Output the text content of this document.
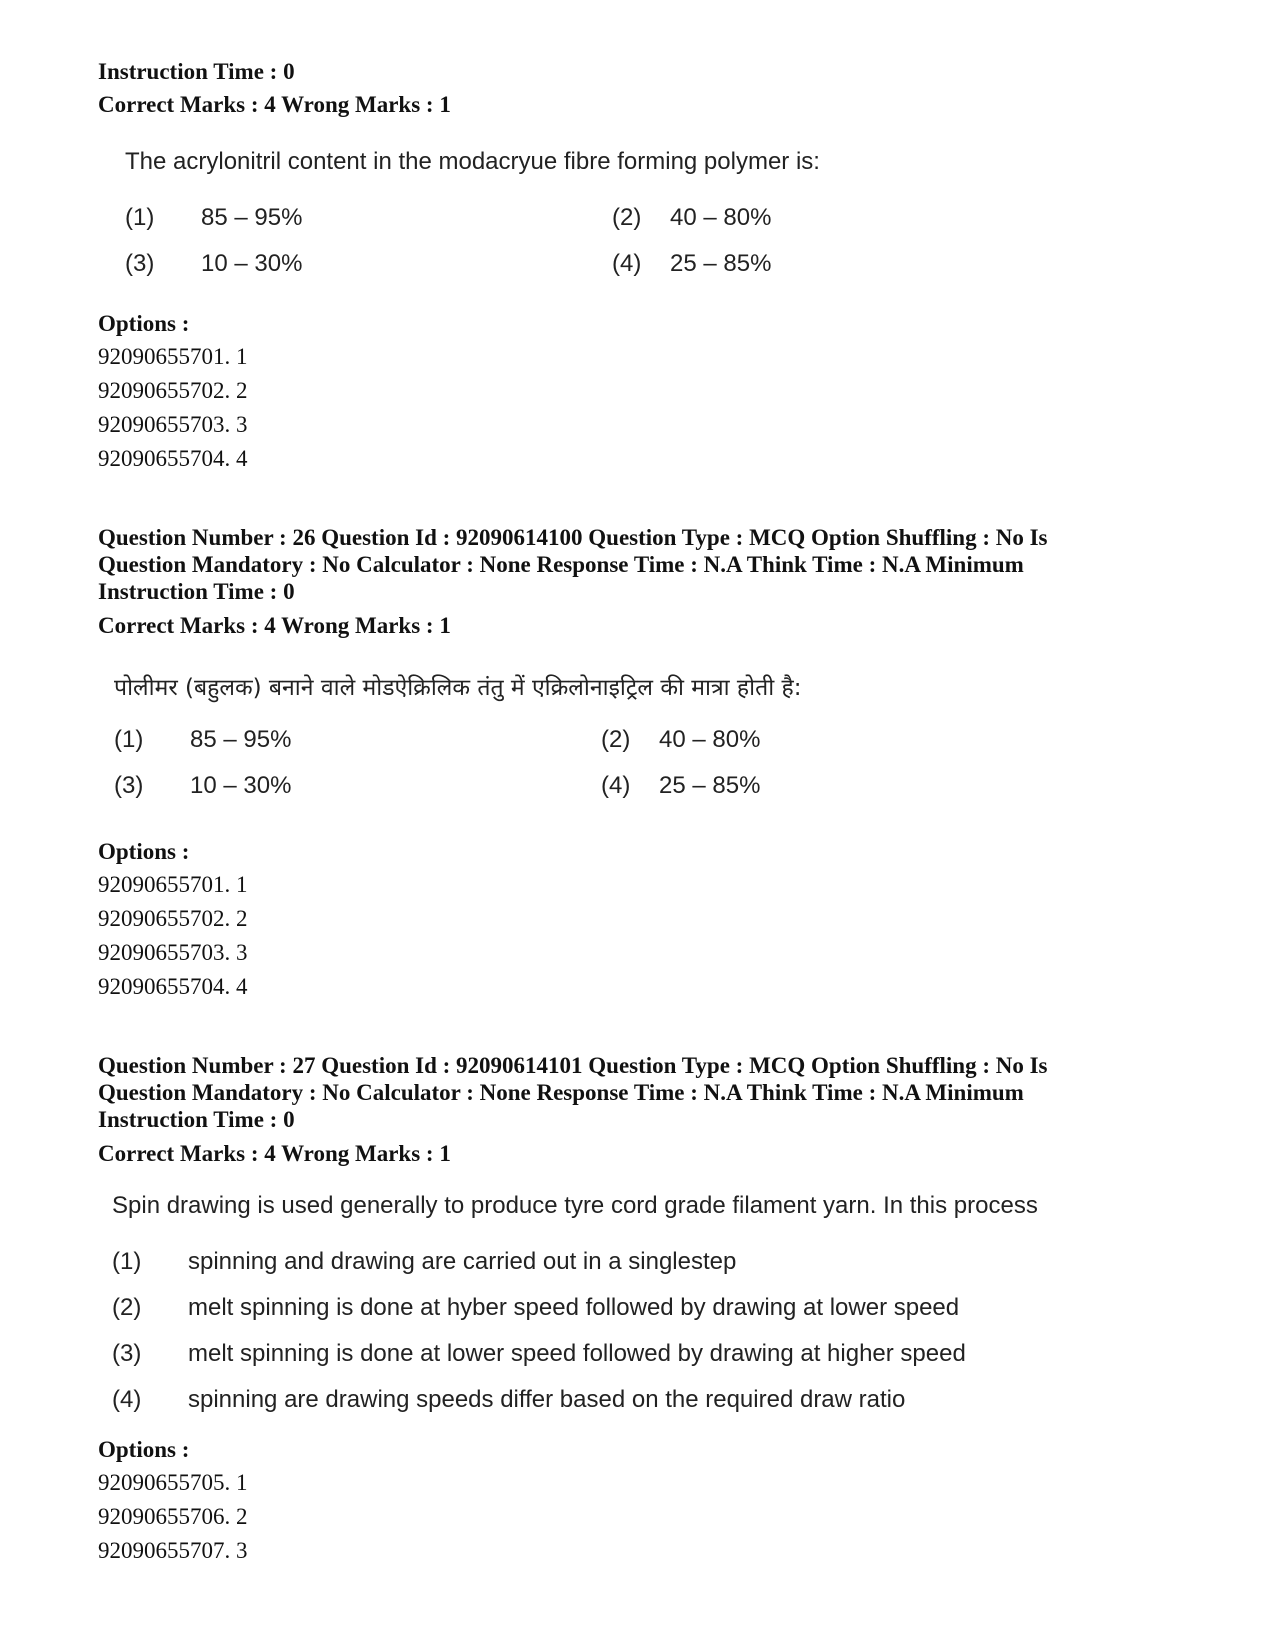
Instruction Time : 0
Correct Marks : 4 Wrong Marks : 1
The acrylonitril content in the modacryue fibre forming polymer is:
(1) 85 – 95%	(2) 40 – 80%
(3) 10 – 30%	(4) 25 – 85%
Options :
92090655701. 1
92090655702. 2
92090655703. 3
92090655704. 4
Question Number : 26 Question Id : 92090614100 Question Type : MCQ Option Shuffling : No Is
Question Mandatory : No Calculator : None Response Time : N.A Think Time : N.A Minimum
Instruction Time : 0
Correct Marks : 4 Wrong Marks : 1
पोलीमर (बहुलक) बनाने वाले मोडऐक्रिलिक तंतु में एक्रिलोनाइट्रिल की मात्रा होती है:
(1) 85 – 95%	(2) 40 – 80%
(3) 10 – 30%	(4) 25 – 85%
Options :
92090655701. 1
92090655702. 2
92090655703. 3
92090655704. 4
Question Number : 27 Question Id : 92090614101 Question Type : MCQ Option Shuffling : No Is
Question Mandatory : No Calculator : None Response Time : N.A Think Time : N.A Minimum
Instruction Time : 0
Correct Marks : 4 Wrong Marks : 1
Spin drawing is used generally to produce tyre cord grade filament yarn. In this process
(1) spinning and drawing are carried out in a singlestep
(2) melt spinning is done at hyber speed followed by drawing at lower speed
(3) melt spinning is done at lower speed followed by drawing at higher speed
(4) spinning are drawing speeds differ based on the required draw ratio
Options :
92090655705. 1
92090655706. 2
92090655707. 3
